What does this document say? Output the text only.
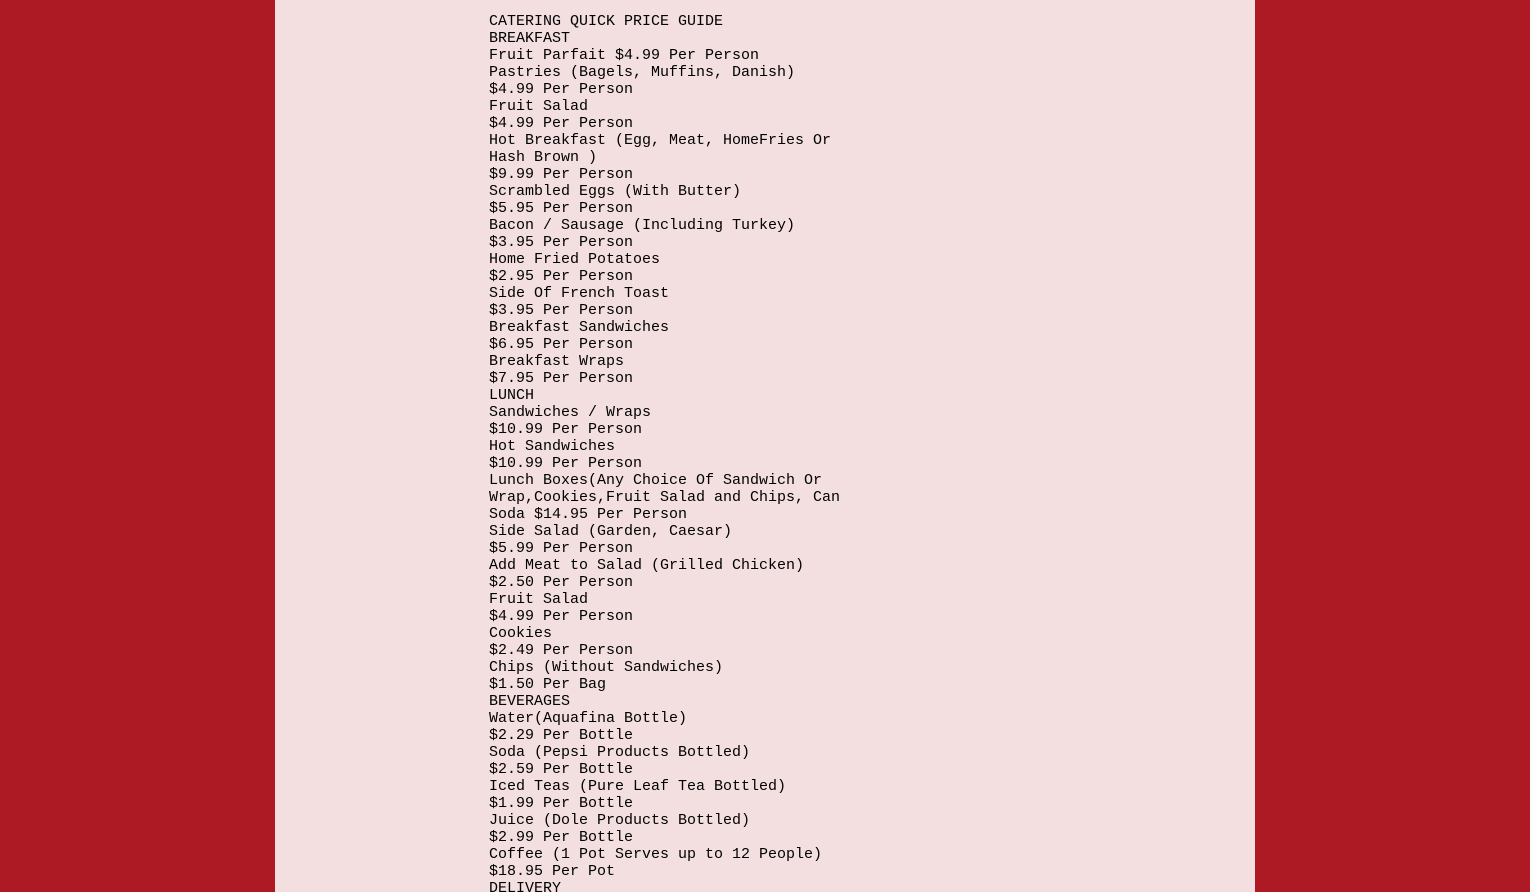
CATERING QUICK PRICE GUIDE
BREAKFAST
Fruit Parfait $4.99 Per Person
Pastries (Bagels, Muffins, Danish)
$4.99 Per Person
Fruit Salad
$4.99 Per Person
Hot Breakfast (Egg, Meat, HomeFries Or
Hash Brown )
$9.99 Per Person
Scrambled Eggs (With Butter)
$5.95 Per Person
Bacon / Sausage (Including Turkey)
$3.95 Per Person
Home Fried Potatoes
$2.95 Per Person
Side Of French Toast
$3.95 Per Person
Breakfast Sandwiches
$6.95 Per Person
Breakfast Wraps
$7.95 Per Person
LUNCH
Sandwiches / Wraps
$10.99 Per Person
Hot Sandwiches
$10.99 Per Person
Lunch Boxes(Any Choice Of Sandwich Or
Wrap,Cookies,Fruit Salad and Chips, Can
Soda $14.95 Per Person
Side Salad (Garden, Caesar)
$5.99 Per Person
Add Meat to Salad (Grilled Chicken)
$2.50 Per Person
Fruit Salad
$4.99 Per Person
Cookies
$2.49 Per Person
Chips (Without Sandwiches)
$1.50 Per Bag
BEVERAGES
Water(Aquafina Bottle)
$2.29 Per Bottle
Soda (Pepsi Products Bottled)
$2.59 Per Bottle
Iced Teas (Pure Leaf Tea Bottled)
$1.99 Per Bottle
Juice (Dole Products Bottled)
$2.99 Per Bottle
Coffee (1 Pot Serves up to 12 People)
$18.95 Per Pot
DELIVERY
